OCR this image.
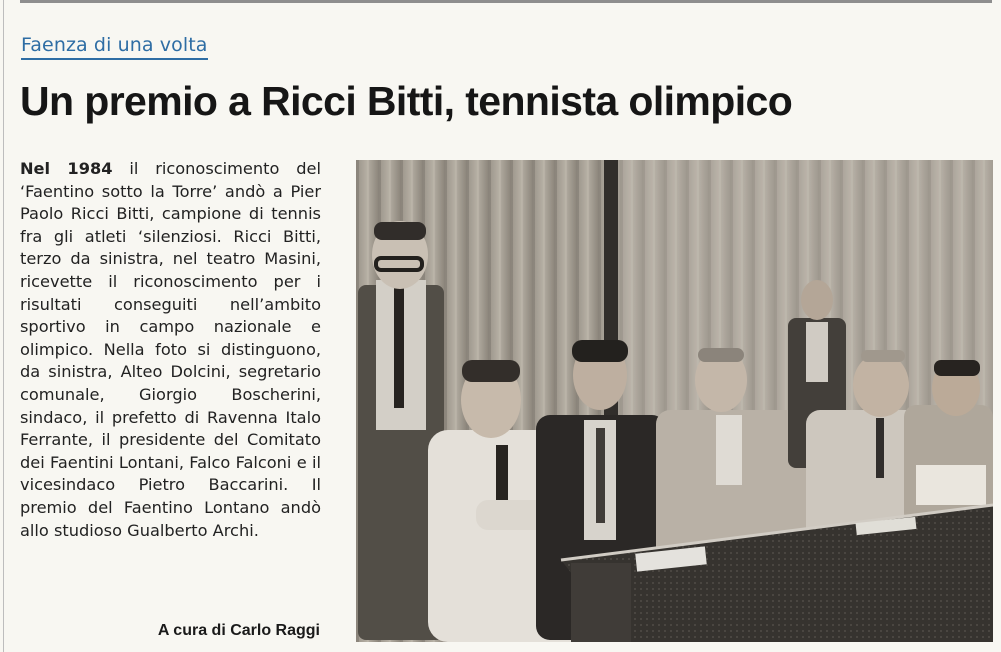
Faenza di una volta
Un premio a Ricci Bitti, tennista olimpico
Nel 1984 il riconoscimento del ‘Faentino sotto la Torre’ andò a Pier Paolo Ricci Bitti, campione di tennis fra gli atleti ‘silenziosi. Ricci Bitti, terzo da sinistra, nel teatro Masini, ricevette il riconoscimento per i risultati conseguiti nell’ambito sportivo in campo nazionale e olimpico. Nella foto si distinguono, da sinistra, Alteo Dolcini, segretario comunale, Giorgio Boscherini, sindaco, il prefetto di Ravenna Italo Ferrante, il presidente del Comitato dei Faentini Lontani, Falco Falconi e il vicesindaco Pietro Baccarini. Il premio del Faentino Lontano andò allo studioso Gualberto Archi.
A cura di Carlo Raggi
